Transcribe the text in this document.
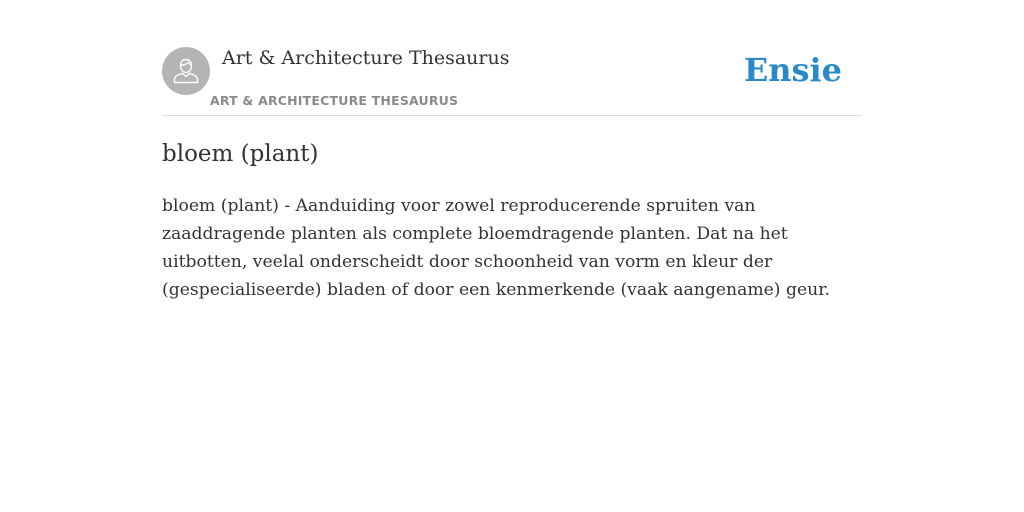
Art & Architecture Thesaurus
ART & ARCHITECTURE THESAURUS
Ensie
bloem (plant)

bloem (plant) - Aanduiding voor zowel reproducerende spruiten van zaaddragende planten als complete bloemdragende planten. Dat na het uitbotten, veelal onderscheidt door schoonheid van vorm en kleur der (gespecialiseerde) bladen of door een kenmerkende (vaak aangename) geur.
